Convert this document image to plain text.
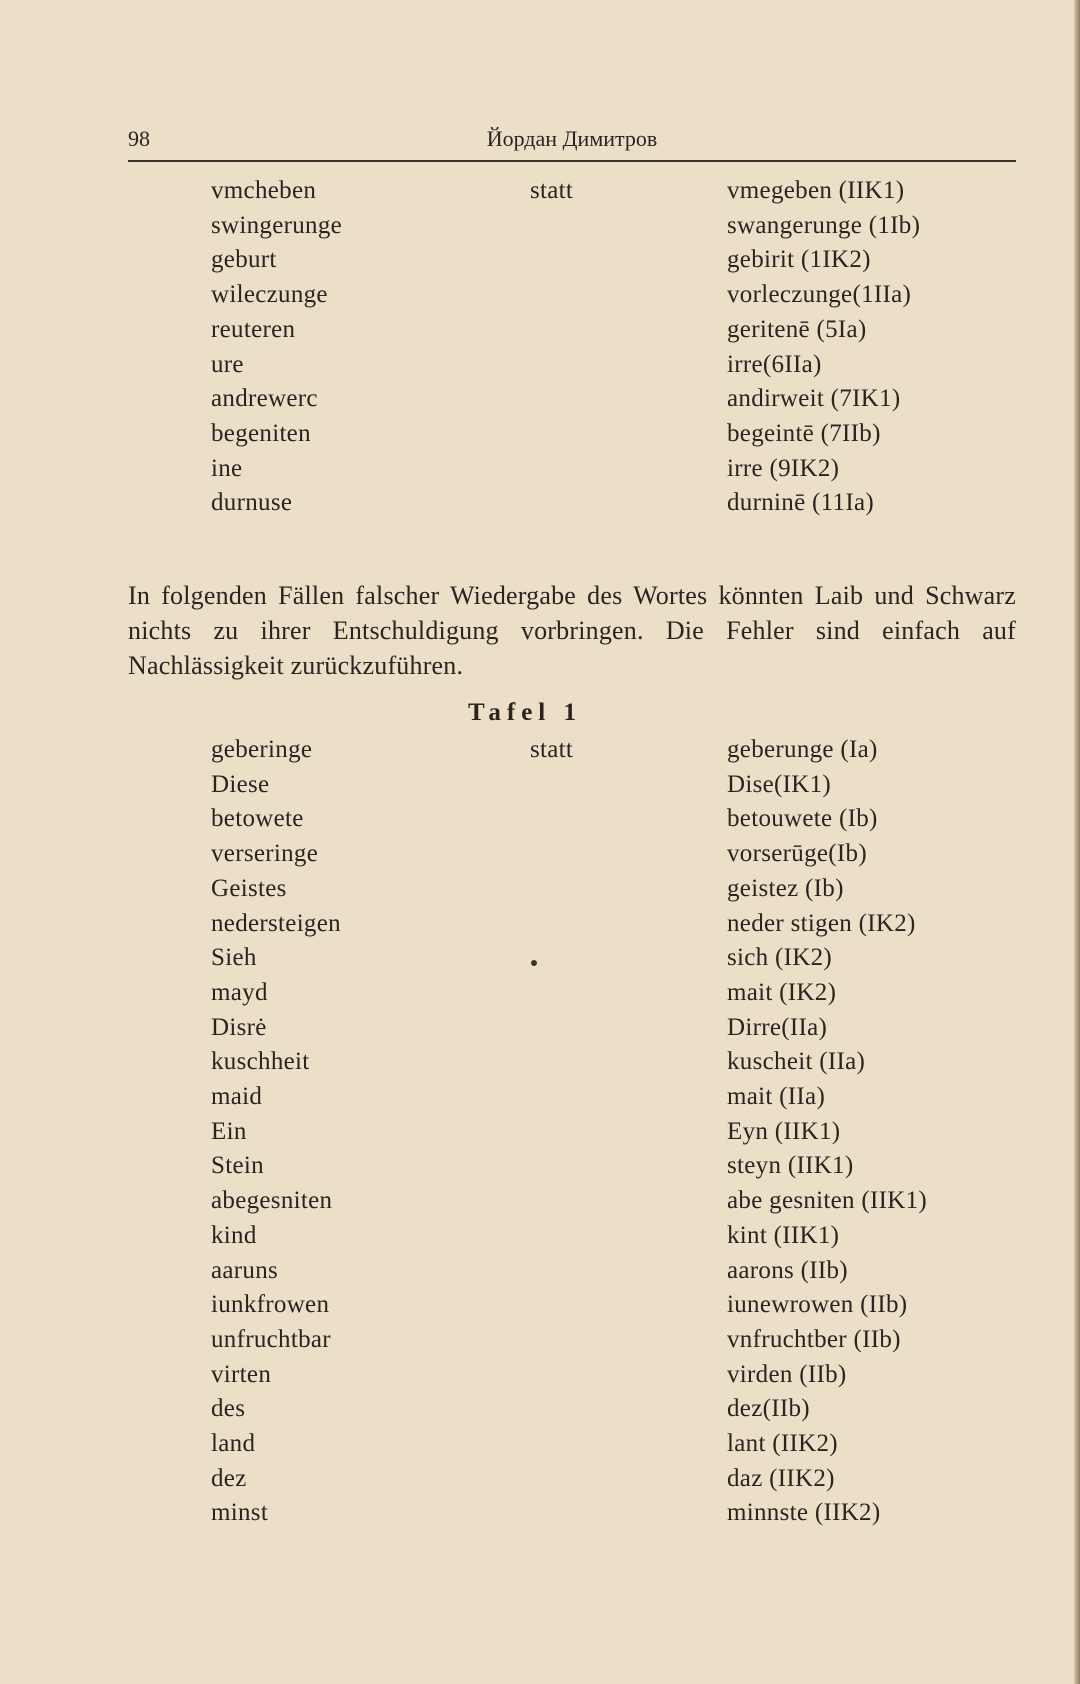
98	Йордан Димитров
vmcheben	statt	vmegeben (IIK1)
swingerunge	swangerunge (1Ib)
geburt	gebirit (1IK2)
wileczunge	vorleczunge(1IIa)
reuteren	geritenē (5Ia)
ure	irre(6IIa)
andrewerc	andirweit (7IK1)
begeniten	begeintē (7IIb)
ine	irre (9IK2)
durnuse	durninē (11Ia)

In folgenden Fällen falscher Wiedergabe des Wortes könnten Laib und Schwarz nichts zu ihrer Entschuldigung vorbringen. Die Fehler sind einfach auf Nachlässigkeit zurückzuführen.

Tafel 1
geberinge	statt	geberunge (Ia)
Diese	Dise(IK1)
betowete	betouwete (Ib)
verseringe	vorserūge(Ib)
Geistes	geistez (Ib)
nedersteigen	neder stigen (IK2)
Sieh	sich (IK2)
mayd	mait (IK2)
Disrė	Dirre(IIa)
kuschheit	kuscheit (IIa)
maid	mait (IIa)
Ein	Eyn (IIK1)
Stein	steyn (IIK1)
abegesniten	abe gesniten (IIK1)
kind	kint (IIK1)
aaruns	aarons (IIb)
iunkfrowen	iunewrowen (IIb)
unfruchtbar	vnfruchtber (IIb)
virten	virden (IIb)
des	dez(IIb)
land	lant (IIK2)
dez	daz (IIK2)
minst	minnste (IIK2)
